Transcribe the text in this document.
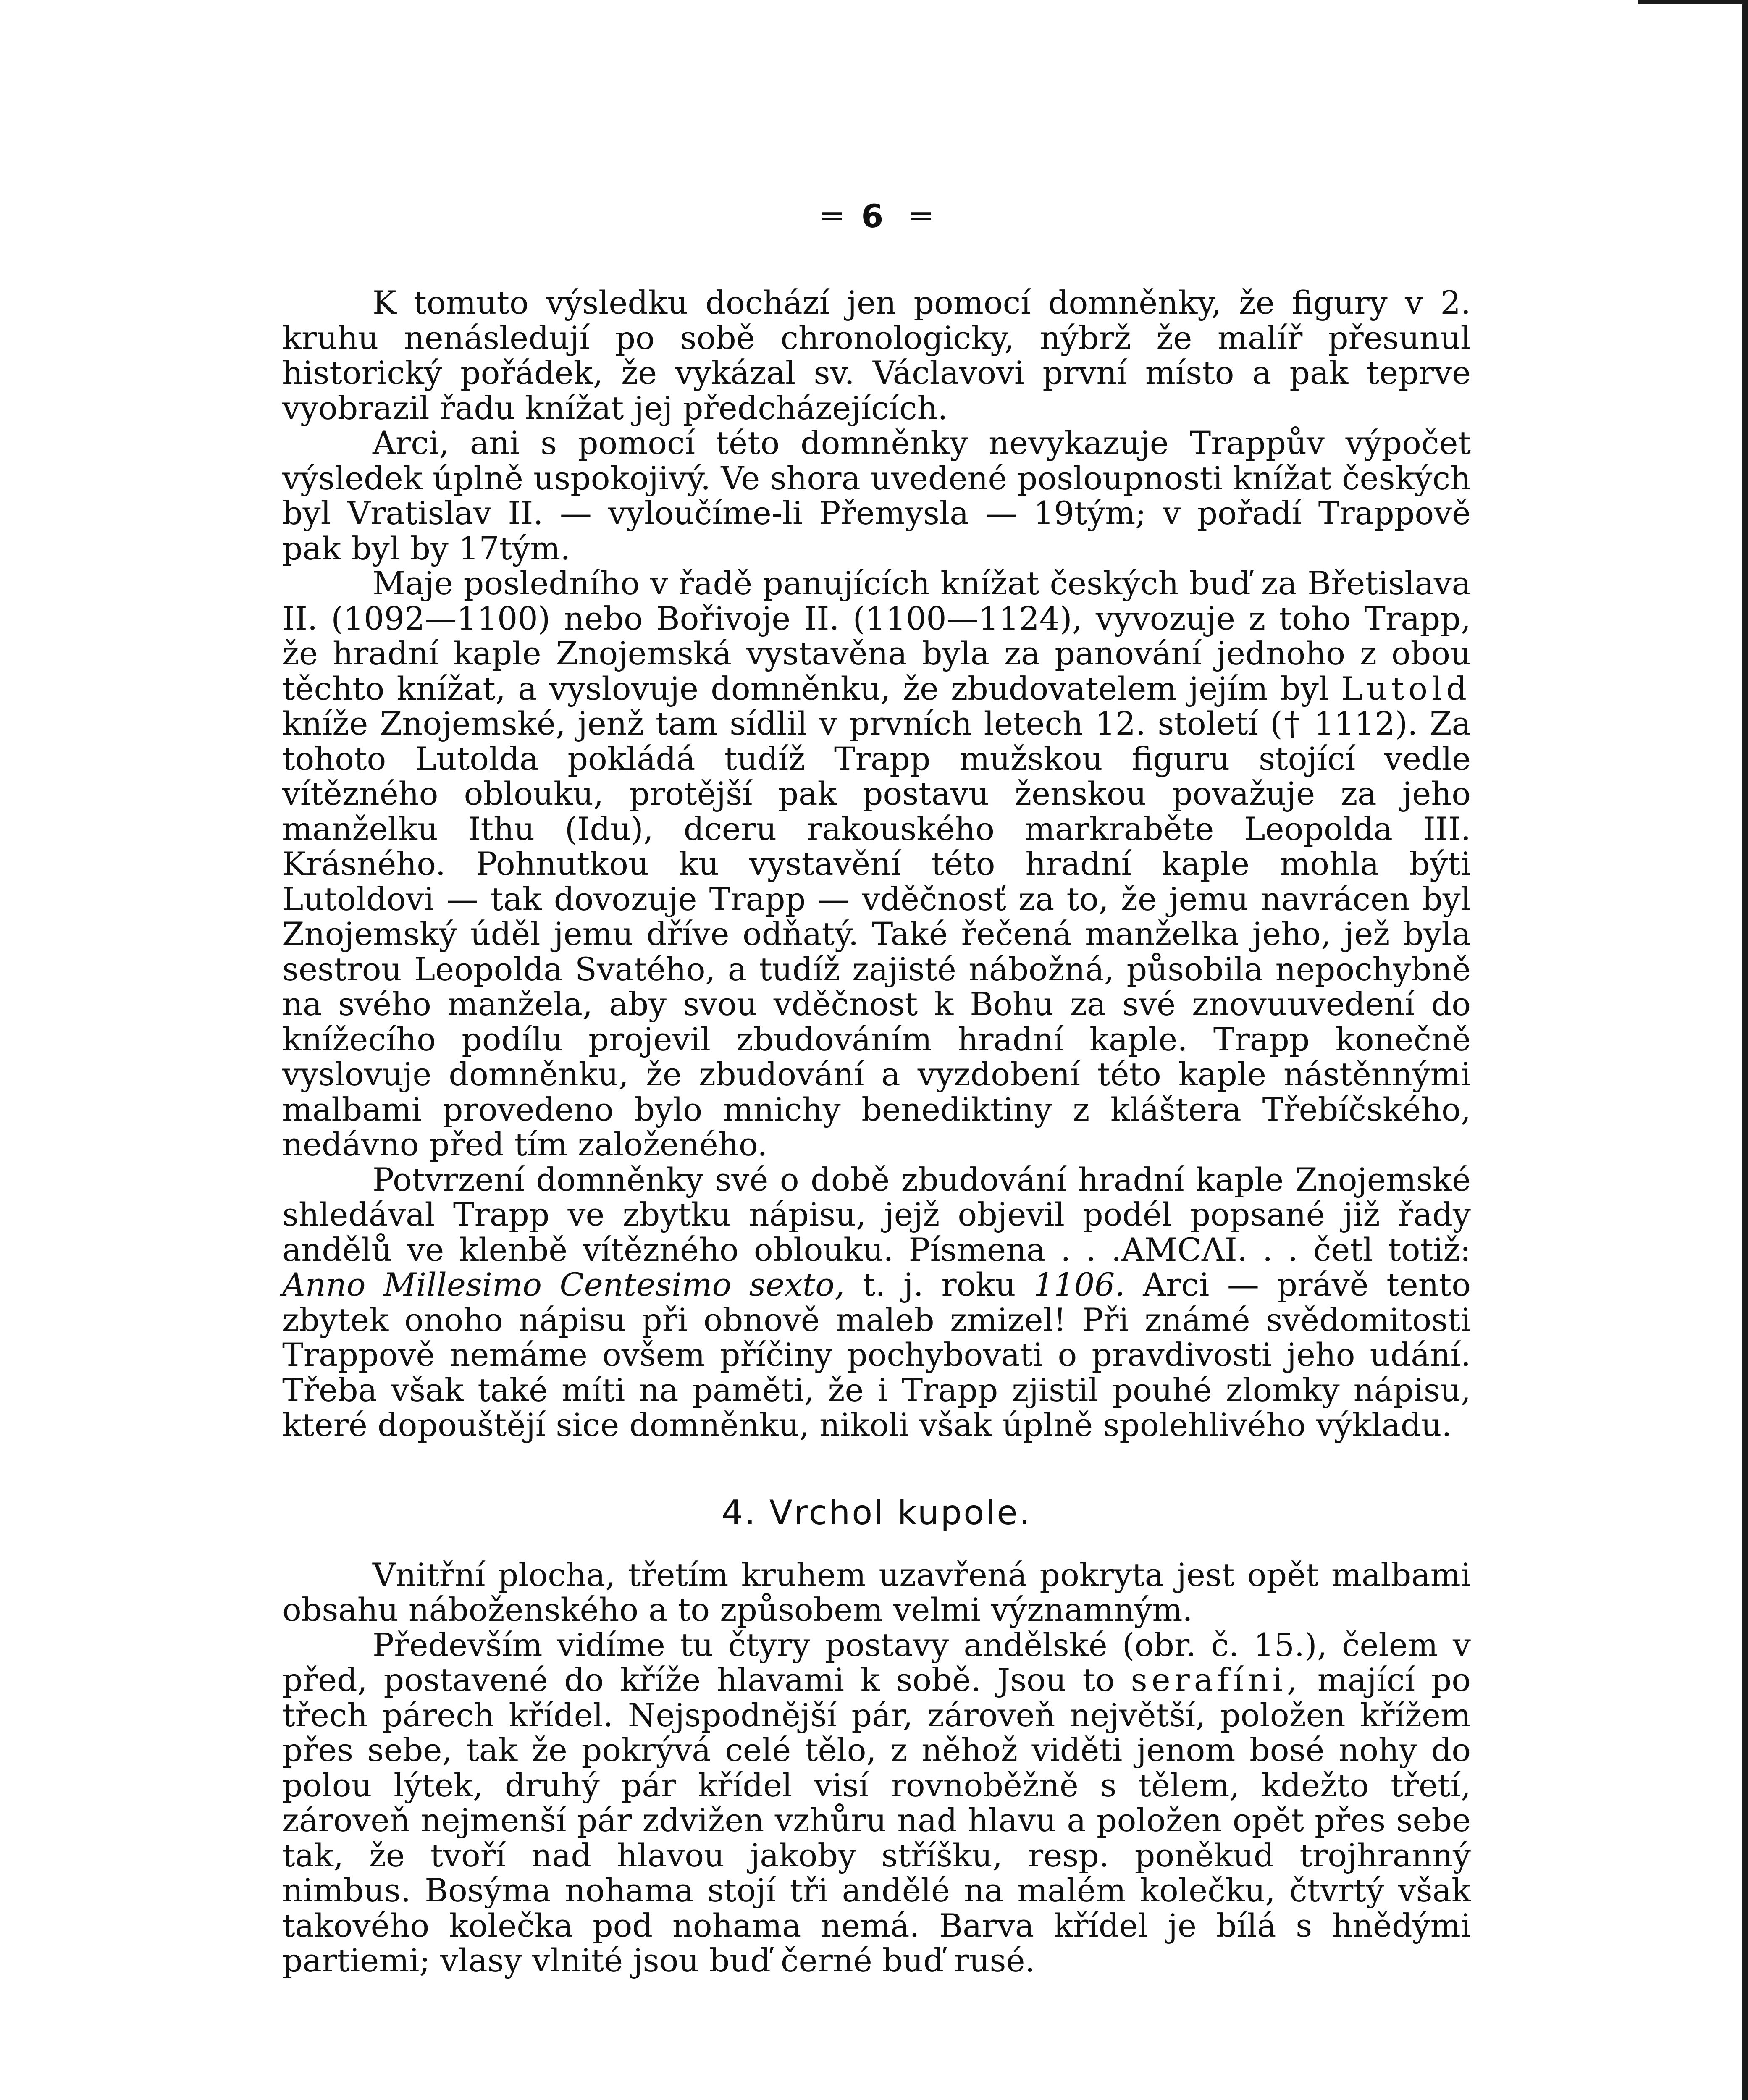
═ 6 ═

K tomuto výsledku dochází jen pomocí domněnky, že figury v 2. kruhu nenásledují po sobě chronologicky, nýbrž že malíř přesunul historický pořádek, že vykázal sv. Václavovi první místo a pak teprve vyobrazil řadu knížat jej předcházejících.

Arci, ani s pomocí této domněnky nevykazuje Trappův výpočet výsledek úplně uspokojivý. Ve shora uvedené posloupnosti knížat českých byl Vratislav II. — vyloučíme-li Přemysla — 19tým; v pořadí Trappově pak byl by 17tým.

Maje posledního v řadě panujících knížat českých buď za Břetislava II. (1092—1100) nebo Bořivoje II. (1100—1124), vyvozuje z toho Trapp, že hradní kaple Znojemská vystavěna byla za panování jednoho z obou těchto knížat, a vyslovuje domněnku, že zbudovatelem jejím byl Lutold kníže Znojemské, jenž tam sídlil v prvních letech 12. století († 1112). Za tohoto Lutolda pokládá tudíž Trapp mužskou figuru stojící vedle vítězného oblouku, protější pak postavu ženskou považuje za jeho manželku Ithu (Idu), dceru rakouského markraběte Leopolda III. Krásného. Pohnutkou ku vystavění této hradní kaple mohla býti Lutoldovi — tak dovozuje Trapp — vděčnosť za to, že jemu navrácen byl Znojemský úděl jemu dříve odňatý. Také řečená manželka jeho, jež byla sestrou Leopolda Svatého, a tudíž zajisté nábožná, působila nepochybně na svého manžela, aby svou vděčnost k Bohu za své znovuuvedení do knížecího podílu projevil zbudováním hradní kaple. Trapp konečně vyslovuje domněnku, že zbudování a vyzdobení této kaple nástěnnými malbami provedeno bylo mnichy benediktiny z kláštera Třebíčského, nedávno před tím založeného.

Potvrzení domněnky své o době zbudování hradní kaple Znojemské shledával Trapp ve zbytku nápisu, jejž objevil podél popsané již řady andělů ve klenbě vítězného oblouku. Písmena . . .AMCΛI. . . četl totiž: Anno Millesimo Centesimo sexto, t. j. roku 1106. Arci — právě tento zbytek onoho nápisu při obnově maleb zmizel! Při známé svědomitosti Trappově nemáme ovšem příčiny pochybovati o pravdivosti jeho udání. Třeba však také míti na paměti, že i Trapp zjistil pouhé zlomky nápisu, které dopouštějí sice domněnku, nikoli však úplně spolehlivého výkladu.

4. Vrchol kupole.

Vnitřní plocha, třetím kruhem uzavřená pokryta jest opět malbami obsahu náboženského a to způsobem velmi významným.

Především vidíme tu čtyry postavy andělské (obr. č. 15.), čelem v před, postavené do kříže hlavami k sobě. Jsou to serafíni, mající po třech párech křídel. Nejspodnější pár, zároveň největší, položen křížem přes sebe, tak že pokrývá celé tělo, z něhož viděti jenom bosé nohy do polou lýtek, druhý pár křídel visí rovnoběžně s tělem, kdežto třetí, zároveň nejmenší pár zdvižen vzhůru nad hlavu a položen opět přes sebe tak, že tvoří nad hlavou jakoby stříšku, resp. poněkud trojhranný nimbus. Bosýma nohama stojí tři andělé na malém kolečku, čtvrtý však takového kolečka pod nohama nemá. Barva křídel je bílá s hnědými partiemi; vlasy vlnité jsou buď černé buď rusé.
